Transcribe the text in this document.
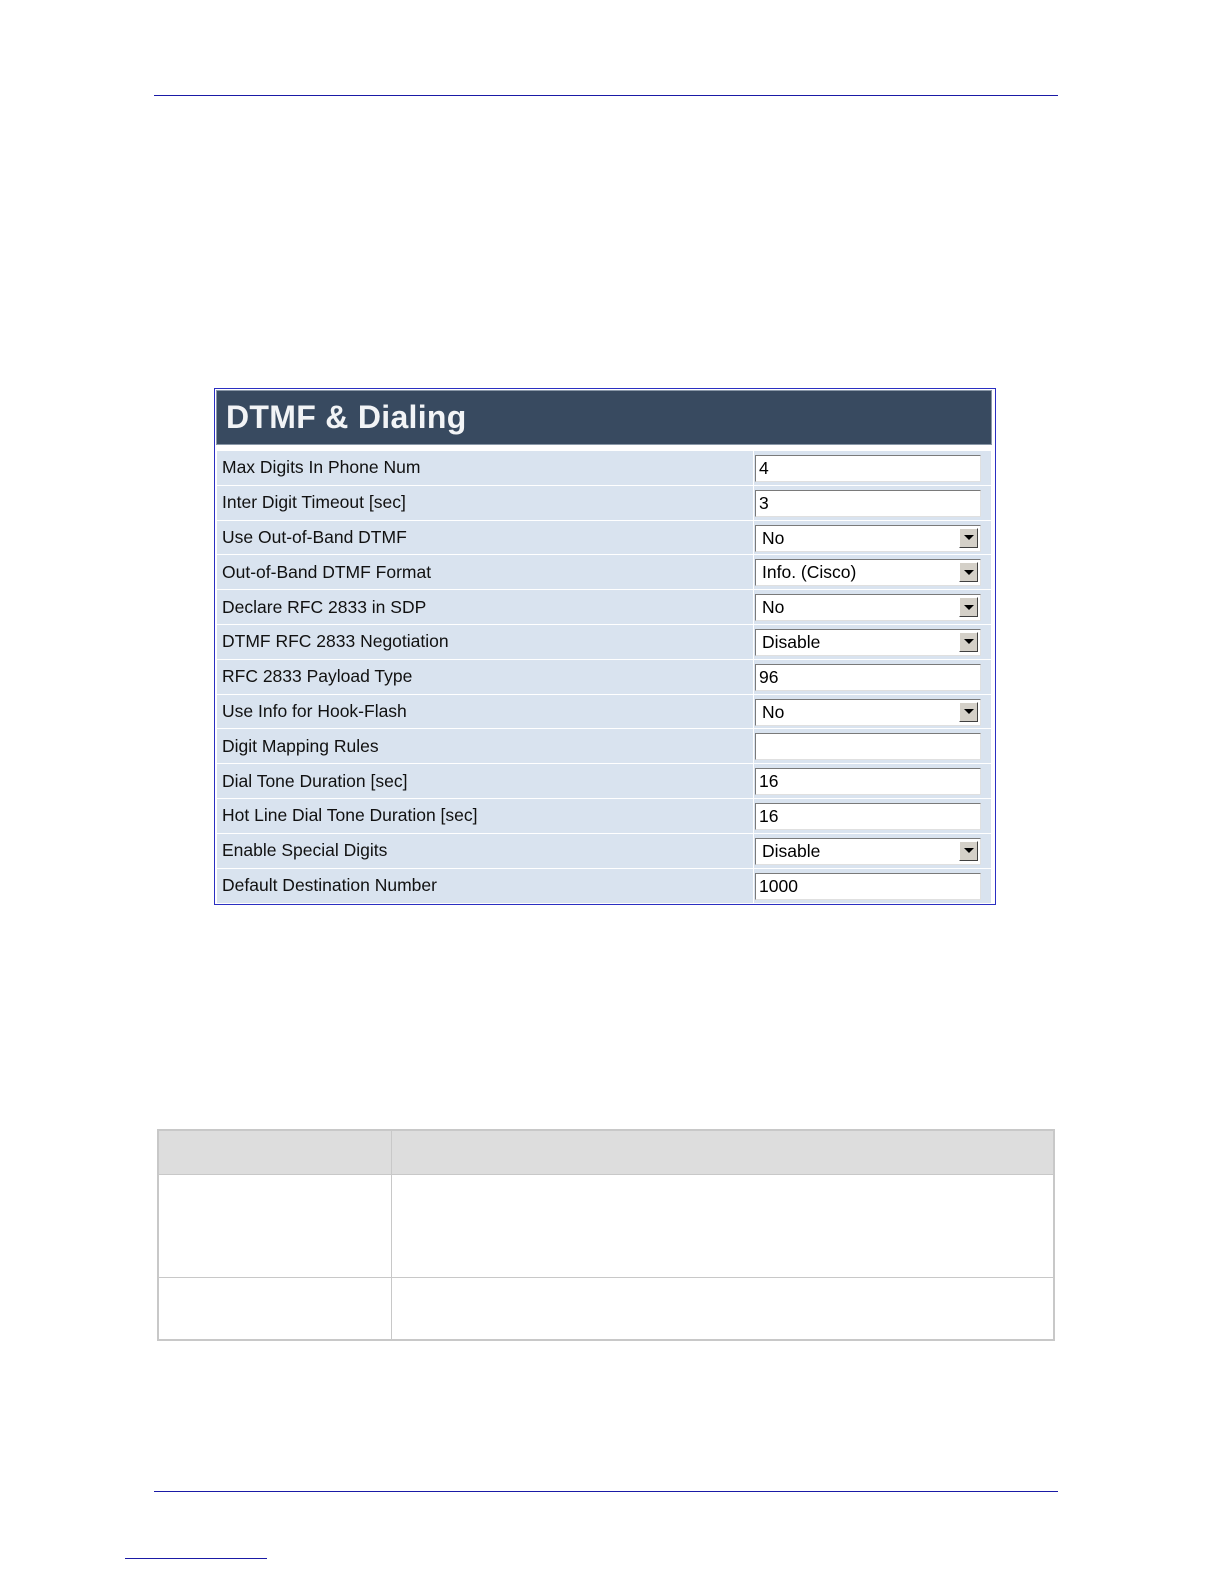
DTMF & Dialing
Max Digits In Phone Num	4
Inter Digit Timeout [sec]	3
Use Out-of-Band DTMF	No
Out-of-Band DTMF Format	Info. (Cisco)
Declare RFC 2833 in SDP	No
DTMF RFC 2833 Negotiation	Disable
RFC 2833 Payload Type	96
Use Info for Hook-Flash	No
Digit Mapping Rules
Dial Tone Duration [sec]	16
Hot Line Dial Tone Duration [sec]	16
Enable Special Digits	Disable
Default Destination Number	1000
